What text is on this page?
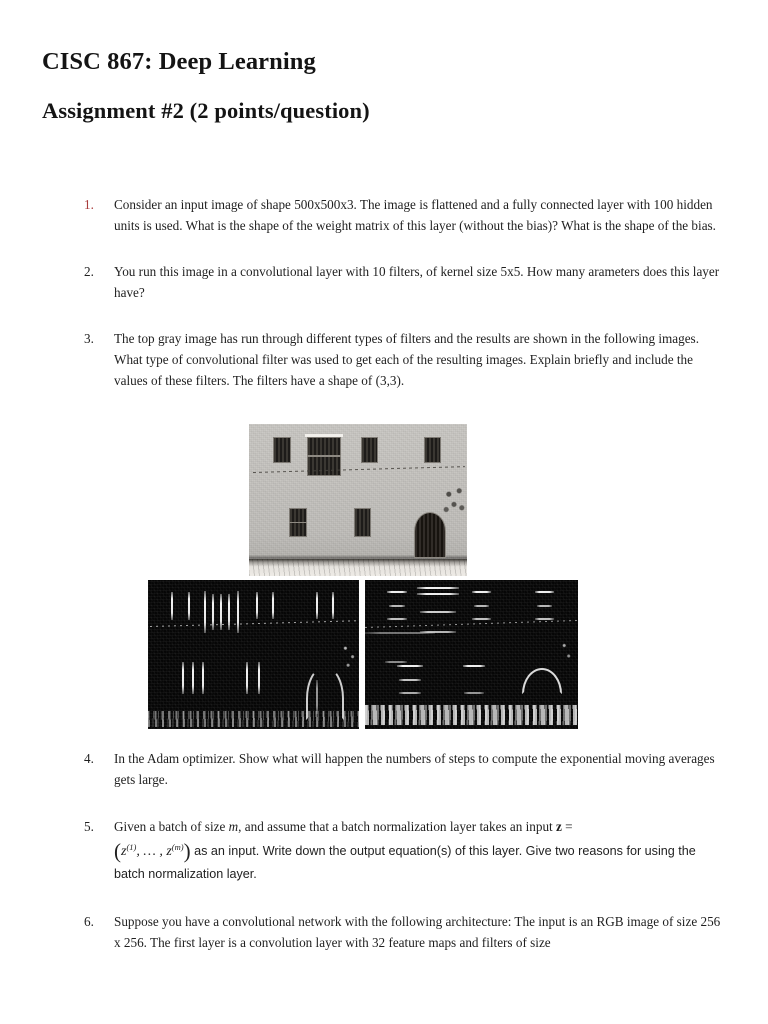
CISC 867: Deep Learning
Assignment #2 (2 points/question)
1.	Consider an input image of shape 500x500x3. The image is flattened and a fully connected layer with 100 hidden units is used. What is the shape of the weight matrix of this layer (without the bias)? What is the shape of the bias.
2.	You run this image in a convolutional layer with 10 filters, of kernel size 5x5. How many arameters does this layer have?
3.	The top gray image has run through different types of filters and the results are shown in the following images. What type of convolutional filter was used to get each of the resulting images. Explain briefly and include the values of these filters. The filters have a shape of (3,3).
4.	In the Adam optimizer. Show what will happen the numbers of steps to compute the exponential moving averages gets large.
5.	Given a batch of size m, and assume that a batch normalization layer takes an input z =
($z^{(1)}$, … , $z^{(m)}$) as an input. Write down the output equation(s) of this layer. Give two reasons for using the batch normalization layer.
6.	Suppose you have a convolutional network with the following architecture: The input is an RGB image of size 256 x 256. The first layer is a convolution layer with 32 feature maps and filters of size
